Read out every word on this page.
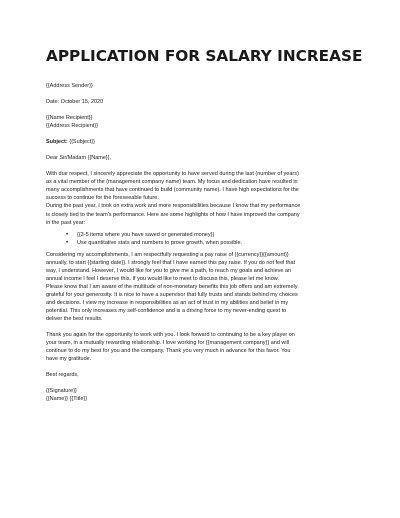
APPLICATION FOR SALARY INCREASE

{{Address Sender}}

Date: October 15, 2020

{{Name Recipient}}

{{Address Recipient}}

Subject: {{Subject}}

Dear Sir/Madam {{Name}},

With due respect, I sincerely appreciate the opportunity to have served during the last (number of years)

as a vital member of the (management company name) team. My focus and dedication have resulted in

many accomplishments that have continued to build (community name). I have high expectations for the

success to continue for the foreseeable future.

During the past year, I took on extra work and more responsibilities because I know that my performance

is closely tied to the team's performance. Here are some highlights of how I have improved the company

in the past year:

• {{3-5 items where you have saved or generated money}}
• Use quantitative stats and numbers to prove growth, when possible.

Considering my accomplishments, I am respectfully requesting a pay raise of {{currency}}{{amount}}

annually, to start {{starting date}}. I strongly feel that I have earned this pay raise. If you do not feel that

way, I understand. However, I would like for you to give me a path, to reach my goals and achieve an

annual income I feel I deserve this. If you would like to meet to discuss this, please let me know.

Please know that I am aware of the multitude of non-monetary benefits this job offers and am extremely

grateful for your generosity. It is nice to have a supervisor that fully trusts and stands behind my choices

and decisions. I view my increase in responsibilities as an act of trust in my abilities and belief in my

potential. This only increases my self-confidence and is a driving force to my never-ending quest to

deliver the best results.

Thank you again for the opportunity to work with you. I look forward to continuing to be a key player on

your team, in a mutually rewarding relationship. I love working for {{management company}} and will

continue to do my best for you and the company. Thank you very much in advance for this favor. You

have my gratitude.

Best regards,

{{Signature}}

{{Name}} {{Title}}
